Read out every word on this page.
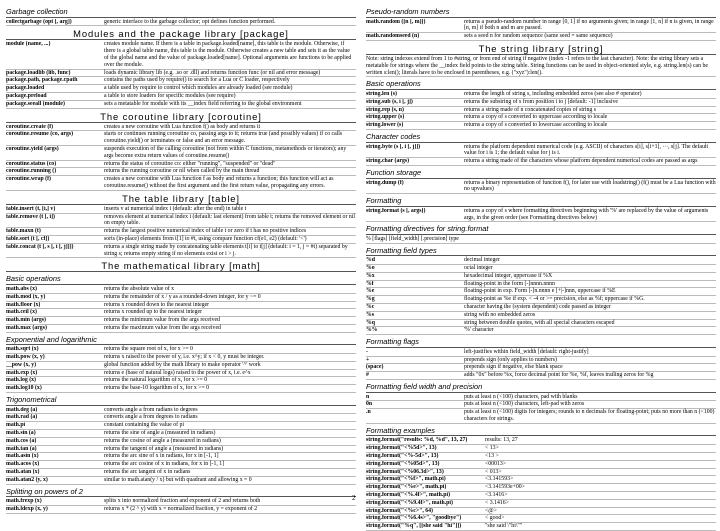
Garbage collection
collectgarbage (opt [, arg])	generic interface to the garbage collector; opt defines function performed.
Modules and the package library [package]
module (name, ...)	creates module name. If there is a table in package.loaded[name], this table is the module. Otherwise, if there is a global table name, this table is the module. Otherwise creates a new table and sets it as the value of the global name and the value of package.loaded[name]. Optional arguments are functions to be applied over the module.
package.loadlib (lib, func)	loads dynamic library lib (e.g. .so or .dll) and returns function func (or nil and error message)
package.path, package.cpath	contains the paths used by require() to search for a Lua or C loader, respectively
package.loaded	a table used by require to control which modules are already loaded (see module)
package.preload	a table to store loaders for specific modules (see require)
package.seeall (module)	sets a metatable for module with its __index field referring to the global environment
The coroutine library [coroutine]
coroutine.create (f)	creates a new coroutine with Lua function f() as body and returns it
coroutine.resume (co, args)	starts or continues running coroutine co, passing args to it; returns true (and possibly values) if co calls coroutine.yield() or terminates or false and an error message.
coroutine.yield (args)	suspends execution of the calling coroutine (not from within C functions, metamethods or iterators); any args become extra return values of coroutine.resume()
coroutine.status (co)	returns the status of coroutine co: either "running", "suspended" or "dead"
coroutine.running ()	returns the running coroutine or nil when called by the main thread
coroutine.wrap (f)	creates a new coroutine with Lua function f as body and returns a function; this function will act as coroutine.resume() without the first argument and the first return value, propagating any errors.
The table library [table]
table.insert (t, [i,] v)	inserts v at numerical index i (default: after the end) in table t
table.remove (t [, i])	removes element at numerical index i (default: last element) from table t; returns the removed element or nil on empty table.
table.maxn (t)	returns the largest positive numerical index of table t or zero if t has no positive indices
table.sort (t [, cf])	sorts (in-place) elements from t[1] to #t, using compare function cf(e1, e2) (default: '<')
table.concat (t [, s [, i [, j]]])	returns a single string made by concatenating table elements t[i] to t[j] (default: i = 1, j = #t) separated by string s; returns empty string if no elements exist or i > j.
The mathematical library [math]
Basic operations
math.abs (x)	returns the absolute value of x
math.mod (x, y)	returns the remainder of x / y as a rounded-down integer, for y ~= 0
math.floor (x)	returns x rounded down to the nearest integer
math.ceil (x)	returns x rounded up to the nearest integer
math.min (args)	returns the minimum value from the args received
math.max (args)	returns the maximum value from the args received
Exponential and logarithmic
math.sqrt (x)	returns the square root of x, for x >= 0
math.pow (x, y)	returns x raised to the power of y, i.e. x^y; if x < 0, y must be integer.
__pow (x, y)	global function added by the math library to make operator '^' work
math.exp (x)	returns e (base of natural logs) raised to the power of x, i.e. e^x
math.log (x)	returns the natural logarithm of x, for x >= 0
math.log10 (x)	returns the base-10 logarithm of x, for x >= 0
Trigonometrical
math.deg (a)	converts angle a from radians to degrees
math.rad (a)	converts angle a from degrees to radians
math.pi	constant containing the value of pi
math.sin (a)	returns the sine of angle a (measured in radians)
math.cos (a)	returns the cosine of angle a (measured in radians)
math.tan (a)	returns the tangent of angle a (measured in radians)
math.asin (x)	returns the arc sine of x in radians, for x in [-1, 1]
math.acos (x)	returns the arc cosine of x in radians, for x in [-1, 1]
math.atan (x)	returns the arc tangent of x in radians
math.atan2 (y, x)	similar to math.atan(y / x) but with quadrant and allowing x = 0
Splitting on powers of 2
math.frexp (x)	splits x into normalized fraction and exponent of 2 and returns both
math.ldexp (x, y)	returns x * (2 ^ y) with x = normalized fraction, y = exponent of 2
Pseudo-random numbers
math.random ([n [, m]])	returns a pseudo-random number in range [0, 1] if no arguments given; in range [1, n] if n is given, in range [n, m] if both n and m are passed.
math.randomseed (n)	sets a seed n for random sequence (same seed = same sequence)
The string library [string]
Note: string indexes extend from 1 to #string, or from end of string if negative (index -1 refers to the last character). Note: the string library sets a metatable for strings where the __index field points to the string table. String functions can be used in object-oriented style, e.g. string.len(s) can be written s:len(); literals have to be enclosed in parentheses, e.g. ("xyz"):len().
Basic operations
string.len (s)	returns the length of string s, including embedded zeros (see also # operator)
string.sub (s, i [, j])	returns the substring of s from position i to j [default: -1] inclusive
string.rep (s, n)	returns a string made of n concatenated copies of string s
string.upper (s)	returns a copy of s converted to uppercase according to locale
string.lower (s)	returns a copy of s converted to lowercase according to locale
Character codes
string.byte (s [, i [, j]])	returns the platform dependent numerical code (e.g. ASCII) of characters s[i], s[i+1], ···, s[j]. The default value for i is 1; the default value for j is i.
string.char (args)	returns a string made of the characters whose platform dependent numerical codes are passed as args
Function storage
string.dump (f)	returns a binary representation of function f(), for later use with loadstring() (f() must be a Lua function with no upvalues)
Formatting
string.format (s [, args])	returns a copy of s where formatting directives beginning with '%' are replaced by the value of arguments args, in the given order (see Formatting directives below)
Formatting directives for string.format
% [flags] [field_width] [.precision] type
Formatting field types
%d	decimal integer
%o	octal integer
%x	hexadecimal integer, uppercase if %X
%f	floating-point in the form [-]nnnn.nnnn
%e	floating-point in exp. Form [-]n.nnnn e [+|-]nnn, uppercase if %E
%g	floating-point as %e if exp. < -4 or >= precision, else as %f; uppercase if %G.
%c	character having the (system dependent) code passed as integer
%s	string with no embedded zeros
%q	string between double quotes, with all special characters escaped
%%	'%' character
Formatting flags
-	left-justifies within field_width [default: right-justify]
+	prepends sign (only applies to numbers)
(space)	prepends sign if negative, else blank space
#	adds "0x" before %x, force decimal point for %e, %f, leaves trailing zeros for %g
Formatting field width and precision
n	puts at least n (<100) characters, pad with blanks
0n	puts at least n (<100) characters, left-pad with zeros
.n	puts at least n (<100) digits for integers; rounds to n decimals for floating-point; puts no more than n (<100) characters for strings.
Formatting examples
string.format("results: %d, %d", 13, 27)	results: 13, 27
string.format("<%5d>", 13)	< 13>
string.format("<%-5d>", 13)	<13 >
string.format("<%05d>", 13)	<00013>
string.format("<%06.3d>", 13)	< 013>
string.format("<%f>", math.pi)	<3.141593>
string.format("<%e>", math.pi)	<3.141593e+00>
string.format("<%.4f>", math.pi)	<3.1416>
string.format("<%9.4f>", math.pi)	< 3.1416>
string.format("<%c>", 64)	<@>
string.format("<%6.4s>", "goodbye")	< good>
string.format("%q", [[she said "hi"]])	"she said \"hi\""
2
